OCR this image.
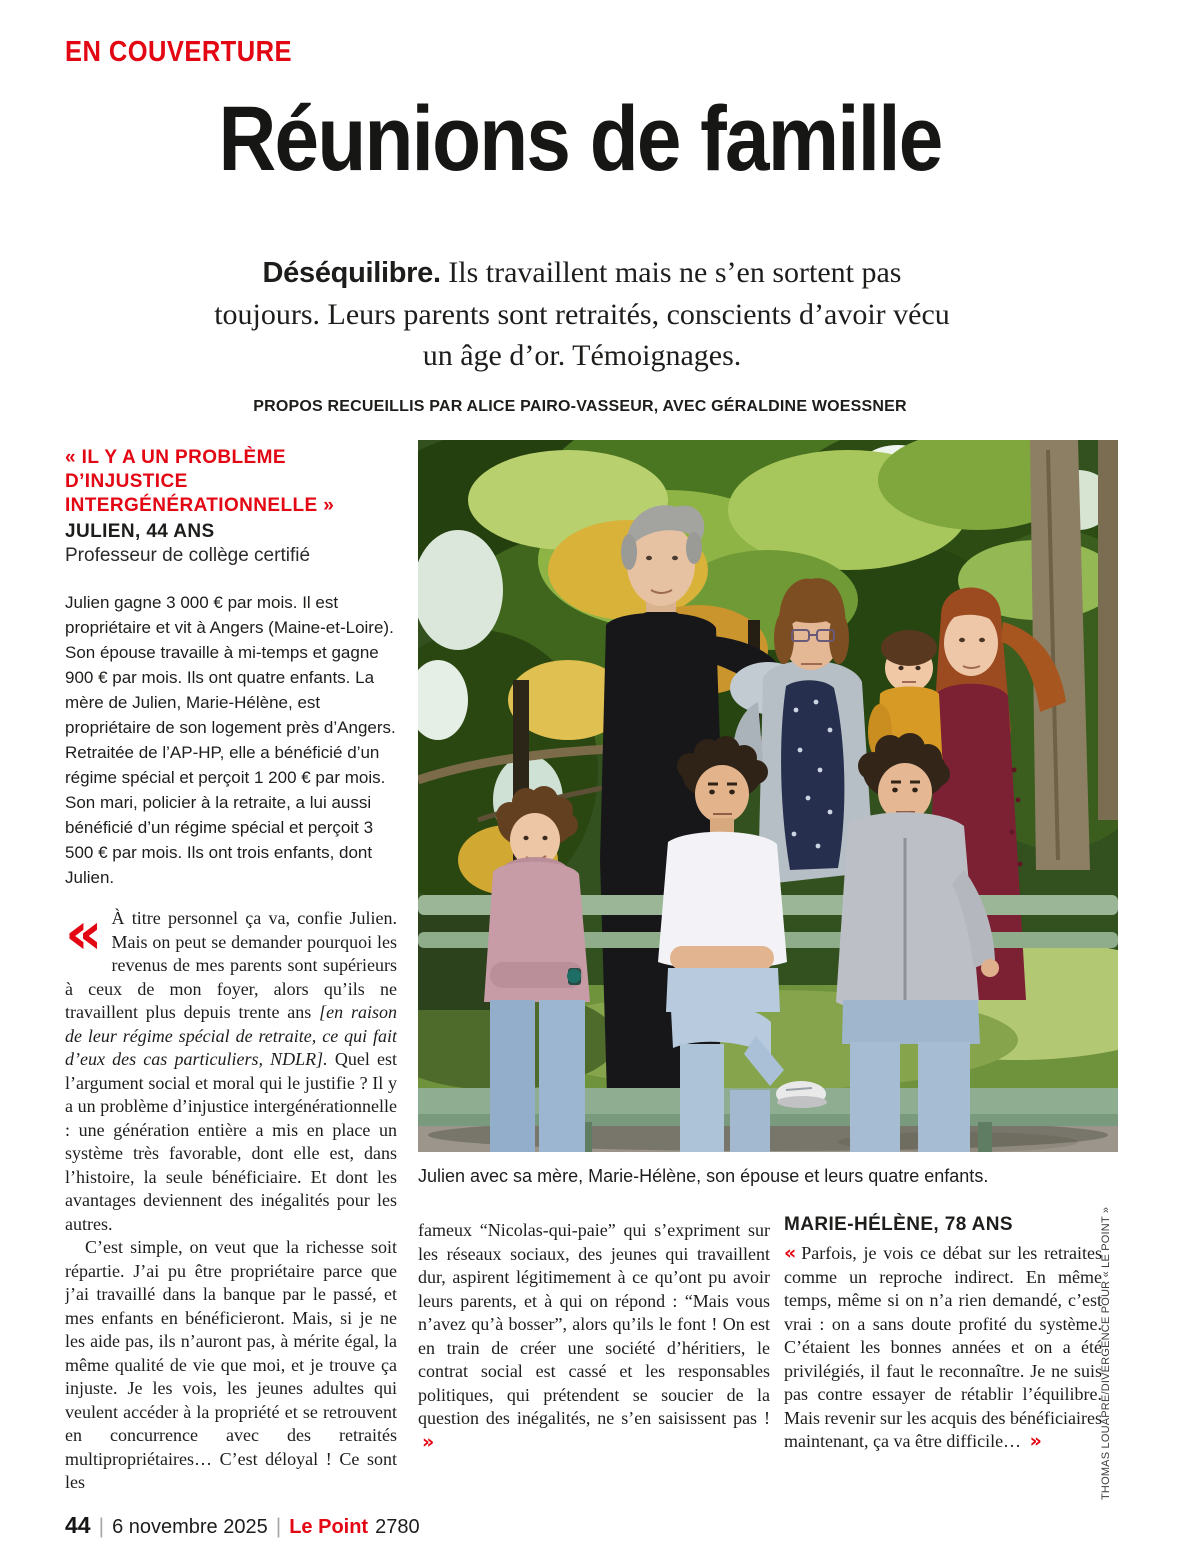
EN COUVERTURE
Réunions de famille
Déséquilibre. Ils travaillent mais ne s’en sortent pas toujours. Leurs parents sont retraités, conscients d’avoir vécu un âge d’or. Témoignages.
PROPOS RECUEILLIS PAR ALICE PAIRO-VASSEUR, AVEC GÉRALDINE WOESSNER
« IL Y A UN PROBLÈME D’INJUSTICE INTERGÉNÉRATIONNELLE »
JULIEN, 44 ANS
Professeur de collège certifié

Julien gagne 3 000 € par mois. Il est propriétaire et vit à Angers (Maine-et-Loire). Son épouse travaille à mi-temps et gagne 900 € par mois. Ils ont quatre enfants. La mère de Julien, Marie-Hélène, est propriétaire de son logement près d’Angers. Retraitée de l’AP-HP, elle a bénéficié d’un régime spécial et perçoit 1 200 € par mois. Son mari, policier à la retraite, a lui aussi bénéficié d’un régime spécial et perçoit 3 500 € par mois. Ils ont trois enfants, dont Julien.

« À titre personnel ça va, confie Julien. Mais on peut se demander pourquoi les revenus de mes parents sont supérieurs à ceux de mon foyer, alors qu’ils ne travaillent plus depuis trente ans [en raison de leur régime spécial de retraite, ce qui fait d’eux des cas particuliers, NDLR]. Quel est l’argument social et moral qui le justifie ? Il y a un problème d’injustice intergénérationnelle : une génération entière a mis en place un système très favorable, dont elle est, dans l’histoire, la seule bénéficiaire. Et dont les avantages deviennent des inégalités pour les autres.

C’est simple, on veut que la richesse soit répartie. J’ai pu être propriétaire parce que j’ai travaillé dans la banque par le passé, et mes enfants en bénéficieront. Mais, si je ne les aide pas, ils n’auront pas, à mérite égal, la même qualité de vie que moi, et je trouve ça injuste. Je les vois, les jeunes adultes qui veulent accéder à la propriété et se retrouvent en concurrence avec des retraités multipropriétaires… C’est déloyal ! Ce sont les

Julien avec sa mère, Marie-Hélène, son épouse et leurs quatre enfants.

fameux “Nicolas-qui-paie” qui s’expriment sur les réseaux sociaux, des jeunes qui travaillent dur, aspirent légitimement à ce qu’ont pu avoir leurs parents, et à qui on répond : “Mais vous n’avez qu’à bosser”, alors qu’ils le font ! On est en train de créer une société d’héritiers, le contrat social est cassé et les responsables politiques, qui prétendent se soucier de la question des inégalités, ne s’en saisissent pas ! »

MARIE-HÉLÈNE, 78 ANS

« Parfois, je vois ce débat sur les retraites comme un reproche indirect. En même temps, même si on n’a rien demandé, c’est vrai : on a sans doute profité du système. C’étaient les bonnes années et on a été privilégiés, il faut le reconnaître. Je ne suis pas contre essayer de rétablir l’équilibre. Mais revenir sur les acquis des bénéficiaires maintenant, ça va être difficile… »	THOMAS LOUAPRE/DIVERGENCE POUR « LE POINT »
44 | 6 novembre 2025 | Le Point 2780
